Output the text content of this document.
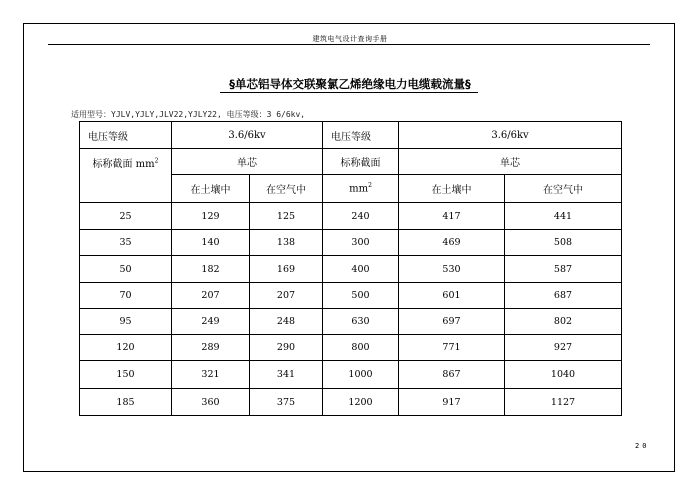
建筑电气设计查询手册
§单芯铝导体交联聚氯乙烯绝缘电力电缆载流量§
适用型号：YJLV,YJLY,JLV22,YJLY22, 电压等级：3 6/6kv,
电压等级	3.6/6kv		电压等级	3.6/6kv	
标称截面 $mm^2$	单芯		标称截面	单芯	
	在土壤中	在空气中	$mm^2$	在土壤中	在空气中
25	129	125	240	417	441
35	140	138	300	469	508
50	182	169	400	530	587
70	207	207	500	601	687
95	249	248	630	697	802
120	289	290	800	771	927
150	321	341	1000	867	1040
185	360	375	1200	917	1127
20
